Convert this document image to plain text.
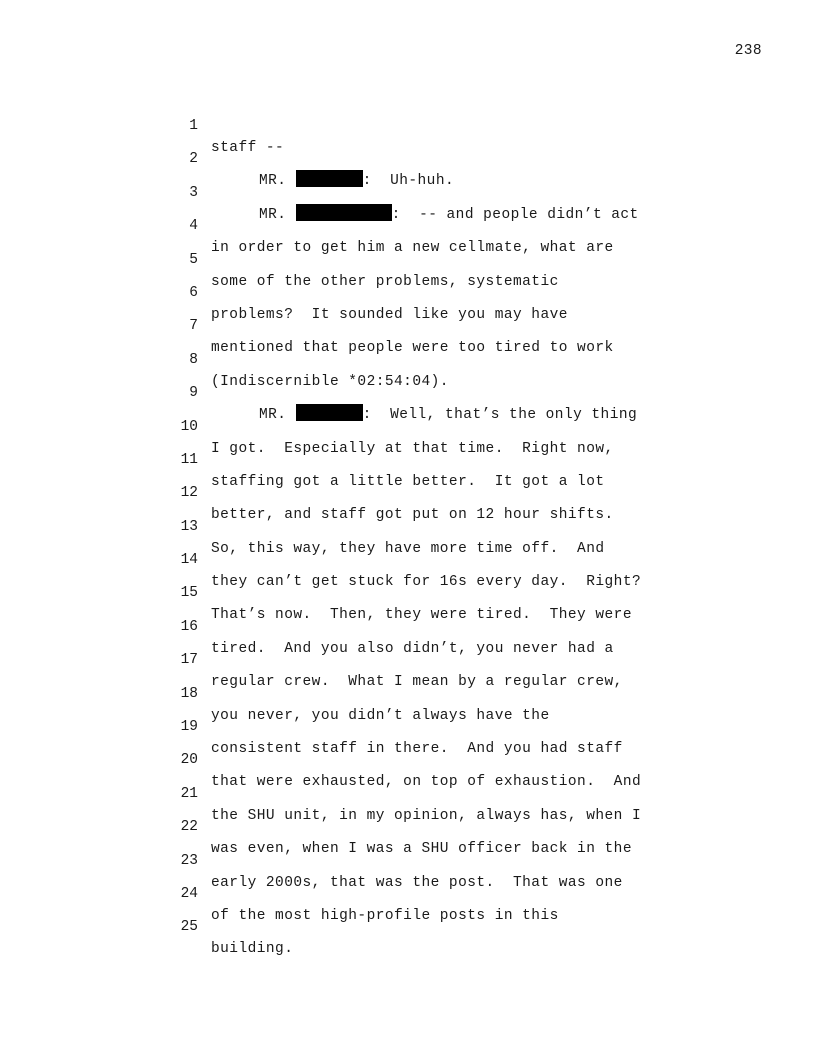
238

1

staff --

2

MR.	:  Uh-huh.

3

MR.	:  -- and people didn’t act

4

in order to get him a new cellmate, what are

5

some of the other problems, systematic

6

problems?  It sounded like you may have

7

mentioned that people were too tired to work

8

(Indiscernible *02:54:04).

9

MR.	:  Well, that’s the only thing

10

I got.  Especially at that time.  Right now,

11

staffing got a little better.  It got a lot

12

better, and staff got put on 12 hour shifts.

13

So, this way, they have more time off.  And

14

they can’t get stuck for 16s every day.  Right?

15

That’s now.  Then, they were tired.  They were

16

tired.  And you also didn’t, you never had a

17

regular crew.  What I mean by a regular crew,

18

you never, you didn’t always have the

19

consistent staff in there.  And you had staff

20

that were exhausted, on top of exhaustion.  And

21

the SHU unit, in my opinion, always has, when I

22

was even, when I was a SHU officer back in the

23

early 2000s, that was the post.  That was one

24

of the most high-profile posts in this

25

building.
